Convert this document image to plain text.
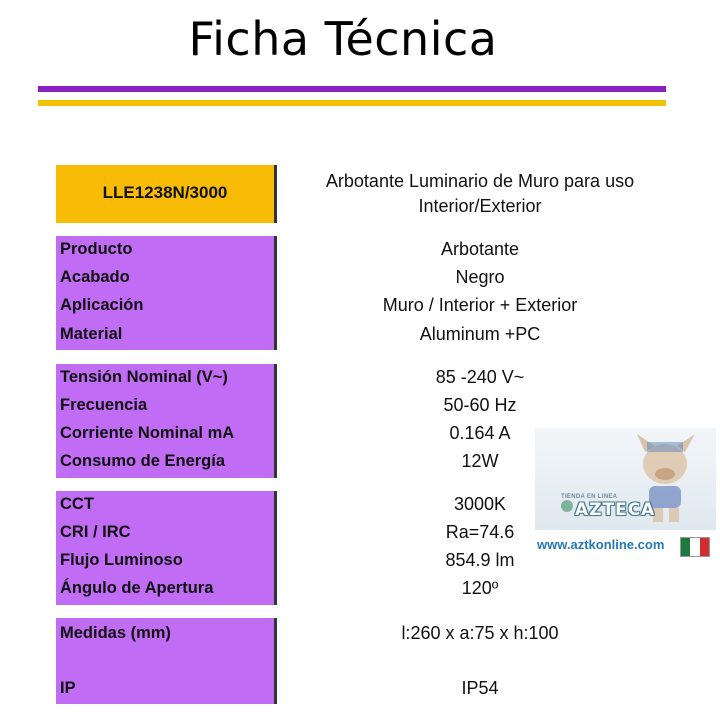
Ficha Técnica
LLE1238N/3000
Arbotante Luminario de Muro para uso
Interior/Exterior
Producto	Arbotante
Acabado	Negro
Aplicación	Muro / Interior + Exterior
Material	Aluminum +PC
Tensión Nominal (V~)	85 -240 V~
Frecuencia	50-60 Hz
Corriente Nominal mA	0.164 A
Consumo de Energía	12W
CCT	3000K
CRI / IRC	Ra=74.6
Flujo Luminoso	854.9 lm
Ángulo de Apertura	120º
Medidas (mm)	l:260 x a:75 x h:100
IP	IP54
TIENDA EN LINEA
AZTECA
www.aztkonline.com
